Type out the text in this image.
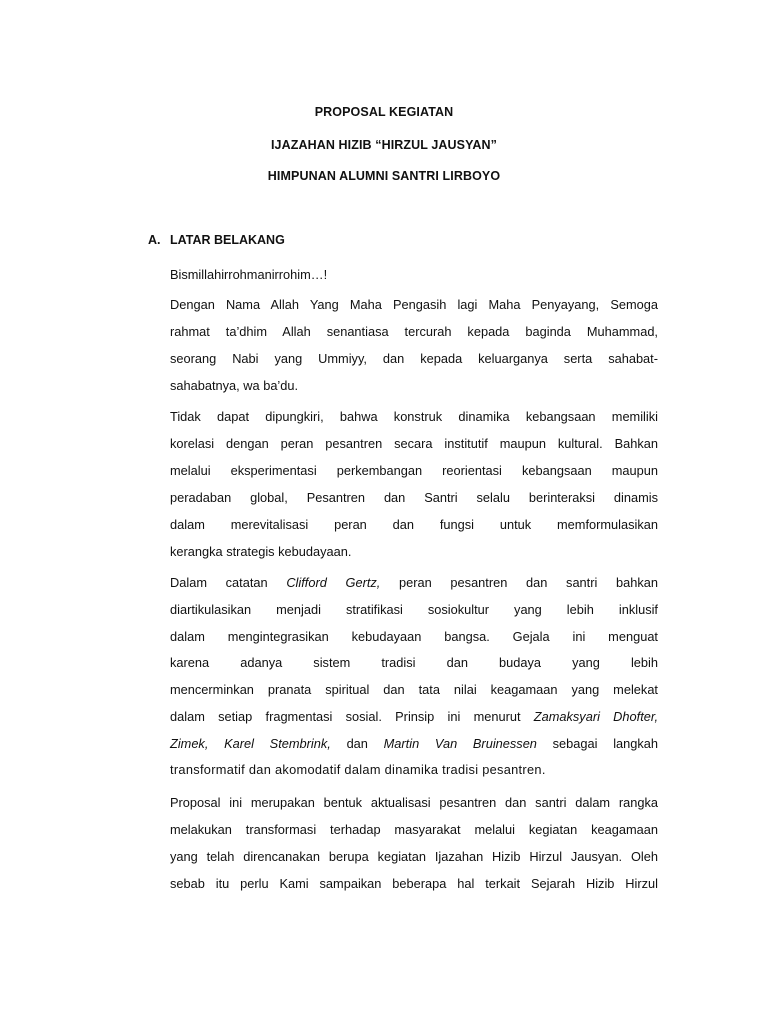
PROPOSAL KEGIATAN
IJAZAHAN HIZIB “HIRZUL JAUSYAN”
HIMPUNAN ALUMNI SANTRI LIRBOYO
A. LATAR BELAKANG
Bismillahirrohmanirrohim…!
Dengan Nama Allah Yang Maha Pengasih lagi Maha Penyayang, Semoga
rahmat ta’dhim Allah senantiasa tercurah kepada baginda Muhammad,
seorang Nabi yang Ummiyy, dan kepada keluarganya serta sahabat-
sahabatnya, wa ba’du.
Tidak dapat dipungkiri, bahwa konstruk dinamika kebangsaan memiliki
korelasi dengan peran pesantren secara institutif maupun kultural. Bahkan
melalui eksperimentasi perkembangan reorientasi kebangsaan maupun
peradaban global, Pesantren dan Santri selalu berinteraksi dinamis
dalam merevitalisasi peran dan fungsi untuk memformulasikan
kerangka strategis kebudayaan.
Dalam catatan Clifford Gertz, peran pesantren dan santri bahkan
diartikulasikan menjadi stratifikasi sosiokultur yang lebih inklusif
dalam mengintegrasikan kebudayaan bangsa. Gejala ini menguat
karena adanya sistem tradisi dan budaya yang lebih
mencerminkan pranata spiritual dan tata nilai keagamaan yang melekat
dalam setiap fragmentasi sosial. Prinsip ini menurut Zamaksyari Dhofter,
Zimek, Karel Stembrink, dan Martin Van Bruinessen sebagai langkah
transformatif dan akomodatif dalam dinamika tradisi pesantren.
Proposal ini merupakan bentuk aktualisasi pesantren dan santri dalam rangka
melakukan transformasi terhadap masyarakat melalui kegiatan keagamaan
yang telah direncanakan berupa kegiatan Ijazahan Hizib Hirzul Jausyan. Oleh
sebab itu perlu Kami sampaikan beberapa hal terkait Sejarah Hizib Hirzul
